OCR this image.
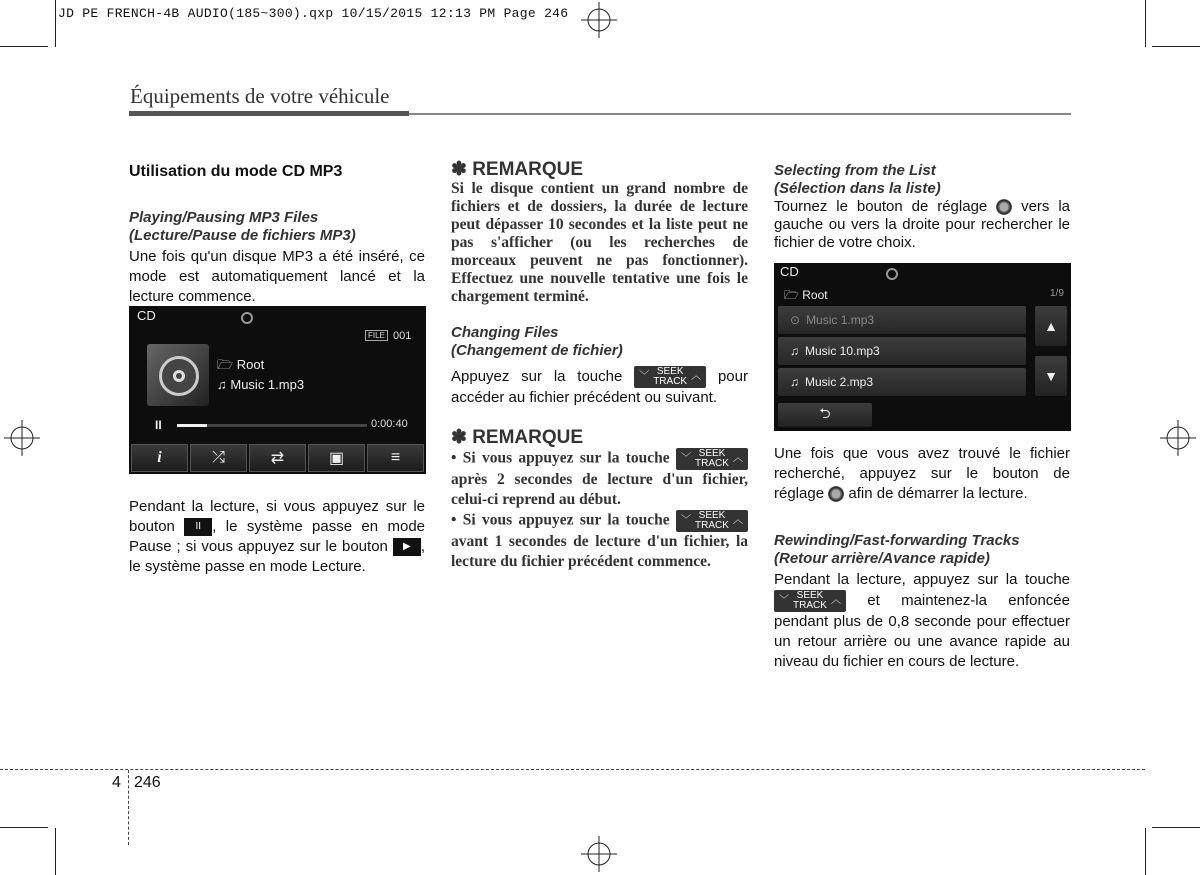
JD PE FRENCH-4B AUDIO(185~300).qxp 10/15/2015 12:13 PM Page 246
Équipements de votre véhicule

Utilisation du mode CD MP3

Playing/Pausing MP3 Files

(Lecture/Pause de fichiers MP3)

Une fois qu'un disque MP3 a été inséré, ce mode est automatiquement lancé et la lecture commence.

CD
FILE 001
🗁 Root
♫ Music 1.mp3
II	0:00:40
i	⤮	⇄	▣	≡
Pendant la lecture, si vous appuyez sur le bouton II , le système passe en mode Pause ; si vous appuyez sur le bouton ▶ , le système passe en mode Lecture.

✽ REMARQUE

Si le disque contient un grand nombre de fichiers et de dossiers, la durée de lecture peut dépasser 10 secondes et la liste peut ne pas s'afficher (ou les recherches de morceaux peuvent ne pas fonctionner). Effectuez une nouvelle tentative une fois le chargement terminé.

Changing Files

(Changement de fichier)

Appuyez sur la touche ﹀ SEEK
TRACK ︿ pour accéder au fichier précédent ou suivant.

✽ REMARQUE

• Si vous appuyez sur la touche ﹀ SEEK
TRACK ︿
après 2 secondes de lecture d'un fichier, celui-ci reprend au début.

• Si vous appuyez sur la touche ﹀ SEEK
TRACK ︿
avant 1 secondes de lecture d'un fichier, la lecture du fichier précédent commence.

Selecting from the List

(Sélection dans la liste)

Tournez le bouton de réglage vers la gauche ou vers la droite pour rechercher le fichier de votre choix.

CD
🗁 Root	1/9
⊙ Music 1.mp3
♫ Music 10.mp3
♫ Music 2.mp3
▲
▼
⮌

Une fois que vous avez trouvé le fichier recherché, appuyez sur le bouton de réglage afin de démarrer la lecture.

Rewinding/Fast-forwarding Tracks

(Retour arrière/Avance rapide)

Pendant la lecture, appuyez sur la touche
﹀ SEEK
TRACK ︿ et maintenez-la enfoncée pendant plus de 0,8 seconde pour effectuer un retour arrière ou une avance rapide au niveau du fichier en cours de lecture.

4 246
